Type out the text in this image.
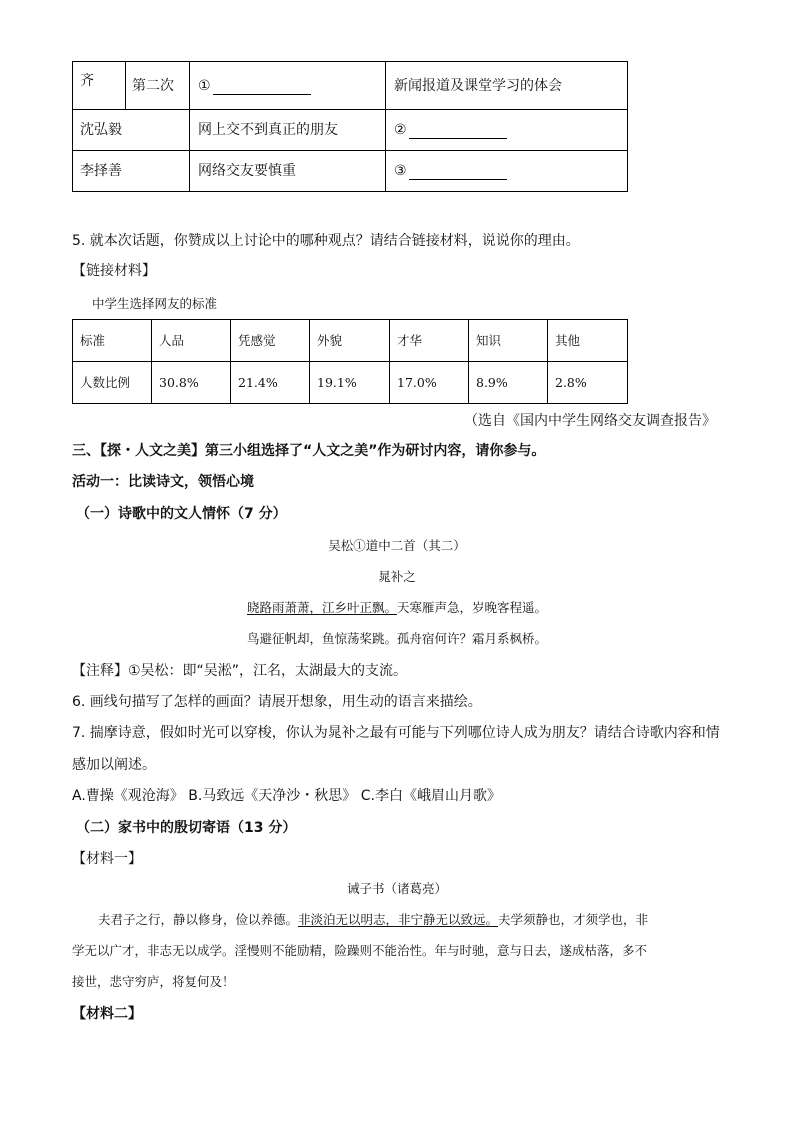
齐	第二次	①	新闻报道及课堂学习的体会

沈弘毅		网上交不到真正的朋友	②

李择善		网络交友要慎重	③
5. 就本次话题，你赞成以上讨论中的哪种观点？请结合链接材料，说说你的理由。
【链接材料】
中学生选择网友的标准
标准	人品	凭感觉	外貌	才华	知识	其他

人数比例	30.8%	21.4%	19.1%	17.0%	8.9%	2.8%
（选自《国内中学生网络交友调查报告》
三、【探・人文之美】第三小组选择了“人文之美”作为研讨内容，请你参与。
活动一：比读诗文，领悟心境
（一）诗歌中的文人情怀（7 分）
吴松①道中二首（其二）
晁补之
晓路雨萧萧，江乡叶正飘。天寒雁声急，岁晚客程遥。
鸟避征帆却，鱼惊荡桨跳。孤舟宿何许？霜月系枫桥。
【注释】①吴松：即“吴淞”，江名，太湖最大的支流。
6. 画线句描写了怎样的画面？请展开想象，用生动的语言来描绘。
7. 揣摩诗意，假如时光可以穿梭，你认为晁补之最有可能与下列哪位诗人成为朋友？请结合诗歌内容和情
感加以阐述。
A.曹操《观沧海》 B.马致远《天净沙・秋思》 C.李白《峨眉山月歌》
（二）家书中的殷切寄语（13 分）
【材料一】
诫子书（诸葛亮）
夫君子之行，静以修身，俭以养德。非淡泊无以明志，非宁静无以致远。夫学须静也，才须学也，非
学无以广才，非志无以成学。淫慢则不能励精，险躁则不能治性。年与时驰，意与日去，遂成枯落，多不
接世，悲守穷庐，将复何及！
【材料二】
